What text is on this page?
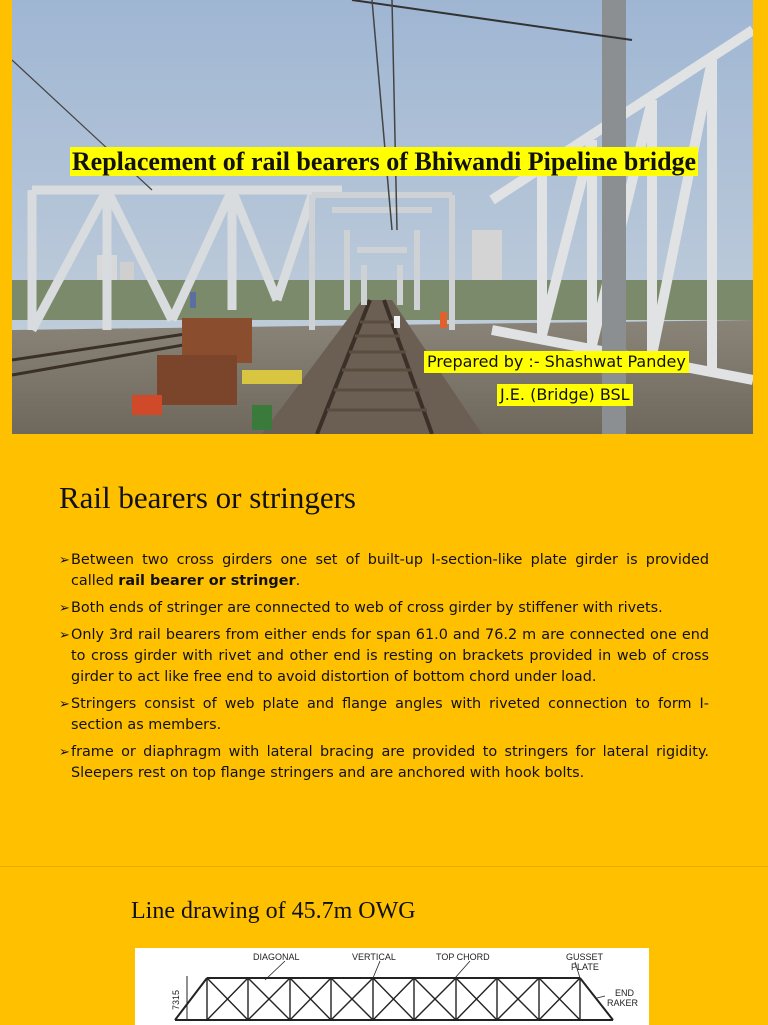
Replacement of rail bearers of Bhiwandi Pipeline bridge
Prepared by :- Shashwat Pandey
J.E. (Bridge) BSL
Rail bearers or stringers
➢ Between two cross girders one set of built-up I-section-like plate girder is provided called rail bearer or stringer.
➢ Both ends of stringer are connected to web of cross girder by stiffener with rivets.
➢ Only 3rd rail bearers from either ends for span 61.0 and 76.2 m are connected one end to cross girder with rivet and other end is resting on brackets provided in web of cross girder to act like free end to avoid distortion of bottom chord under load.
➢ Stringers consist of web plate and flange angles with riveted connection to form I-section as members.
➢ frame or diaphragm with lateral bracing are provided to stringers for lateral rigidity. Sleepers rest on top flange stringers and are anchored with hook bolts.
Line drawing of 45.7m OWG
7315
DIAGONAL	VERTICAL	TOP CHORD	GUSSET
PLATE
END
RAKER
